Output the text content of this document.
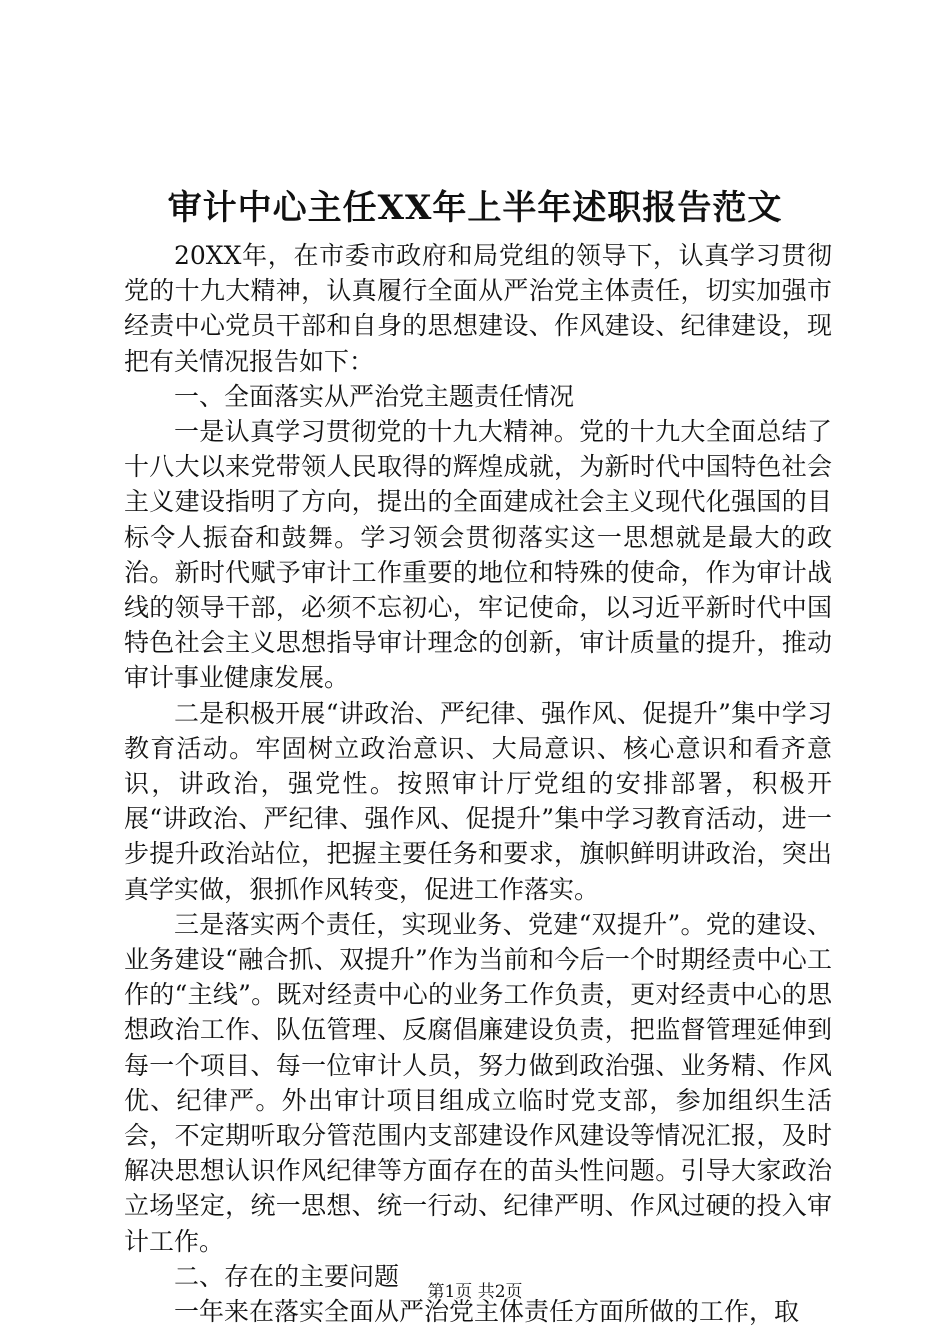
审计中心主任XX年上半年述职报告范文

20XX年，在市委市政府和局党组的领导下，认真学习贯彻党的十九大精神，认真履行全面从严治党主体责任，切实加强市经责中心党员干部和自身的思想建设、作风建设、纪律建设，现把有关情况报告如下：

一、全面落实从严治党主题责任情况

一是认真学习贯彻党的十九大精神。党的十九大全面总结了十八大以来党带领人民取得的辉煌成就，为新时代中国特色社会主义建设指明了方向，提出的全面建成社会主义现代化强国的目标令人振奋和鼓舞。学习领会贯彻落实这一思想就是最大的政治。新时代赋予审计工作重要的地位和特殊的使命，作为审计战线的领导干部，必须不忘初心，牢记使命，以习近平新时代中国特色社会主义思想指导审计理念的创新，审计质量的提升，推动审计事业健康发展。

二是积极开展“讲政治、严纪律、强作风、促提升”集中学习教育活动。牢固树立政治意识、大局意识、核心意识和看齐意识，讲政治，强党性。按照审计厅党组的安排部署，积极开展“讲政治、严纪律、强作风、促提升”集中学习教育活动，进一步提升政治站位，把握主要任务和要求，旗帜鲜明讲政治，突出真学实做，狠抓作风转变，促进工作落实。

三是落实两个责任，实现业务、党建“双提升”。党的建设、业务建设“融合抓、双提升”作为当前和今后一个时期经责中心工作的“主线”。既对经责中心的业务工作负责，更对经责中心的思想政治工作、队伍管理、反腐倡廉建设负责，把监督管理延伸到每一个项目、每一位审计人员，努力做到政治强、业务精、作风优、纪律严。外出审计项目组成立临时党支部，参加组织生活会，不定期听取分管范围内支部建设作风建设等情况汇报，及时解决思想认识作风纪律等方面存在的苗头性问题。引导大家政治立场坚定，统一思想、统一行动、纪律严明、作风过硬的投入审计工作。

二、存在的主要问题

一年来在落实全面从严治党主体责任方面所做的工作，取

第1页 共2页
